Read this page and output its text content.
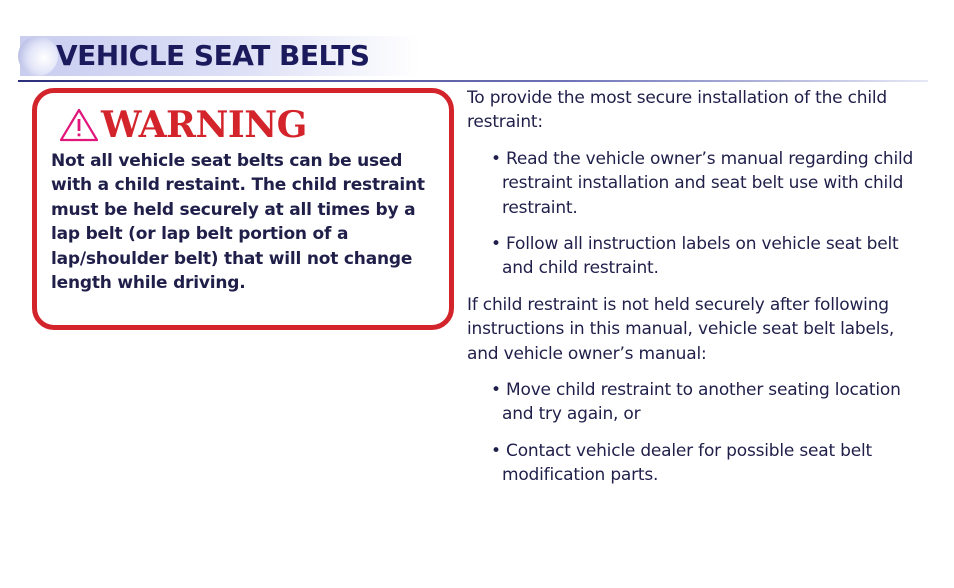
VEHICLE SEAT BELTS
WARNING
Not all vehicle seat belts can be used with a child restaint. The child restraint must be held securely at all times by a lap belt (or lap belt portion of a lap/shoulder belt) that will not change length while driving.

To provide the most secure installation of the child restraint:

• Read the vehicle owner’s manual regarding child restraint installation and seat belt use with child restraint.

• Follow all instruction labels on vehicle seat belt and child restraint.

If child restraint is not held securely after following instructions in this manual, vehicle seat belt labels, and vehicle owner’s manual:

• Move child restraint to another seating location and try again, or

• Contact vehicle dealer for possible seat belt modification parts.
